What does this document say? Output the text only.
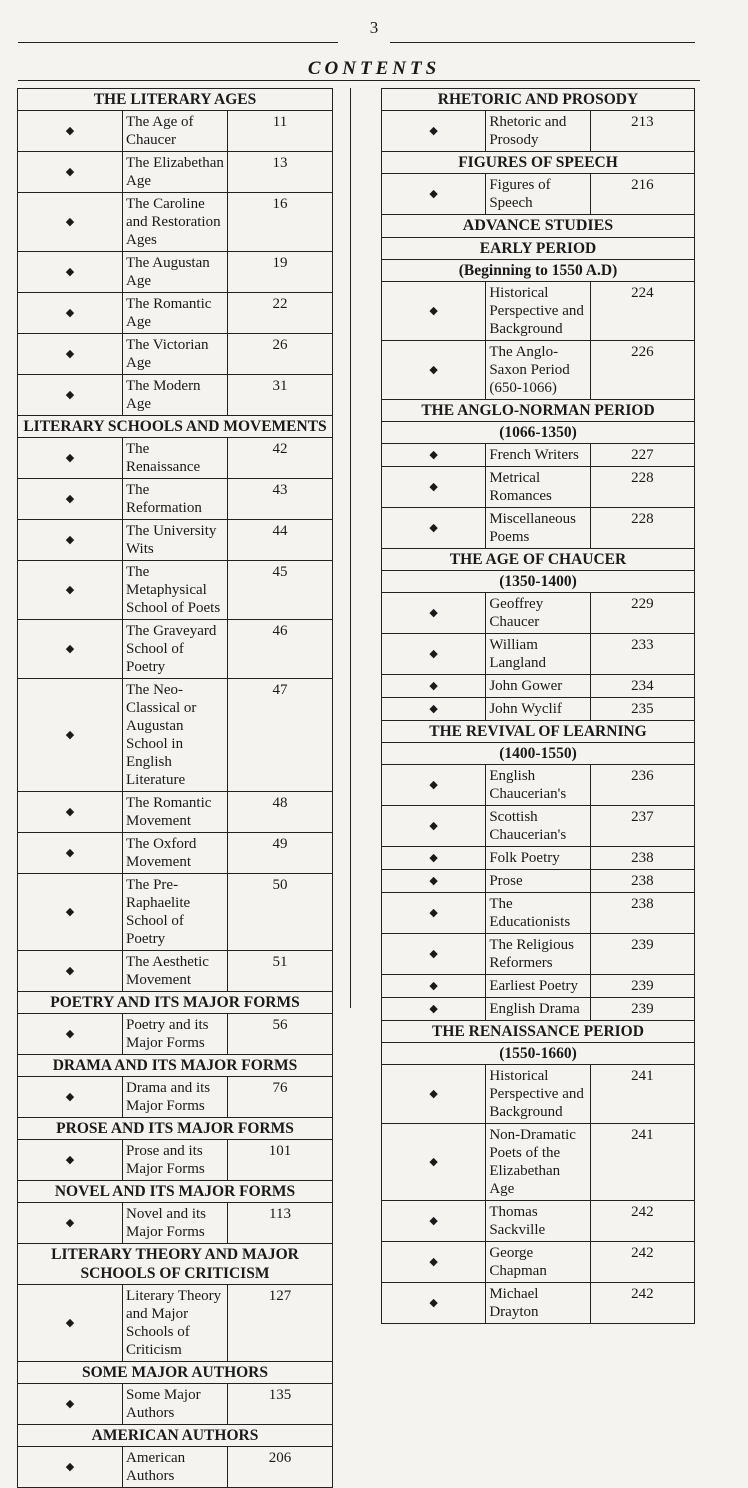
3
CONTENTS
THE LITERARY AGES		
◆	The Age of Chaucer	11
◆	The Elizabethan Age	13
◆	The Caroline and Restoration Ages	16
◆	The Augustan Age	19
◆	The Romantic Age	22
◆	The Victorian Age	26
◆	The Modern Age	31
LITERARY SCHOOLS AND MOVEMENTS		
◆	The Renaissance	42
◆	The Reformation	43
◆	The University Wits	44
◆	The Metaphysical School of Poets	45
◆	The Graveyard School of Poetry	46
◆	The Neo-Classical or Augustan School in English Literature	47
◆	The Romantic Movement	48
◆	The Oxford Movement	49
◆	The Pre-Raphaelite School of Poetry	50
◆	The Aesthetic Movement	51
POETRY AND ITS MAJOR FORMS		
◆	Poetry and its Major Forms	56
DRAMA AND ITS MAJOR FORMS		
◆	Drama and its Major Forms	76
PROSE AND ITS MAJOR FORMS		
◆	Prose and its Major Forms	101
NOVEL AND ITS MAJOR FORMS		
◆	Novel and its Major Forms	113
LITERARY THEORY AND MAJOR SCHOOLS OF CRITICISM		
◆	Literary Theory and Major Schools of Criticism	127
SOME MAJOR AUTHORS		
◆	Some Major Authors	135
AMERICAN AUTHORS		
◆	American Authors	206
RHETORIC AND PROSODY		
◆	Rhetoric and Prosody	213
FIGURES OF SPEECH		
◆	Figures of Speech	216
ADVANCE STUDIES		
EARLY PERIOD		
(Beginning to 1550 A.D)		
◆	Historical Perspective and Background	224
◆	The Anglo-Saxon Period (650-1066)	226
THE ANGLO-NORMAN PERIOD		
(1066-1350)		
◆	French Writers	227
◆	Metrical Romances	228
◆	Miscellaneous Poems	228
THE AGE OF CHAUCER		
(1350-1400)		
◆	Geoffrey Chaucer	229
◆	William Langland	233
◆	John Gower	234
◆	John Wyclif	235
THE REVIVAL OF LEARNING		
(1400-1550)		
◆	English Chaucerian's	236
◆	Scottish Chaucerian's	237
◆	Folk Poetry	238
◆	Prose	238
◆	The Educationists	238
◆	The Religious Reformers	239
◆	Earliest Poetry	239
◆	English Drama	239
THE RENAISSANCE PERIOD		
(1550-1660)		
◆	Historical Perspective and Background	241
◆	Non-Dramatic Poets of the Elizabethan Age	241
◆	Thomas Sackville	242
◆	George Chapman	242
◆	Michael Drayton	242
